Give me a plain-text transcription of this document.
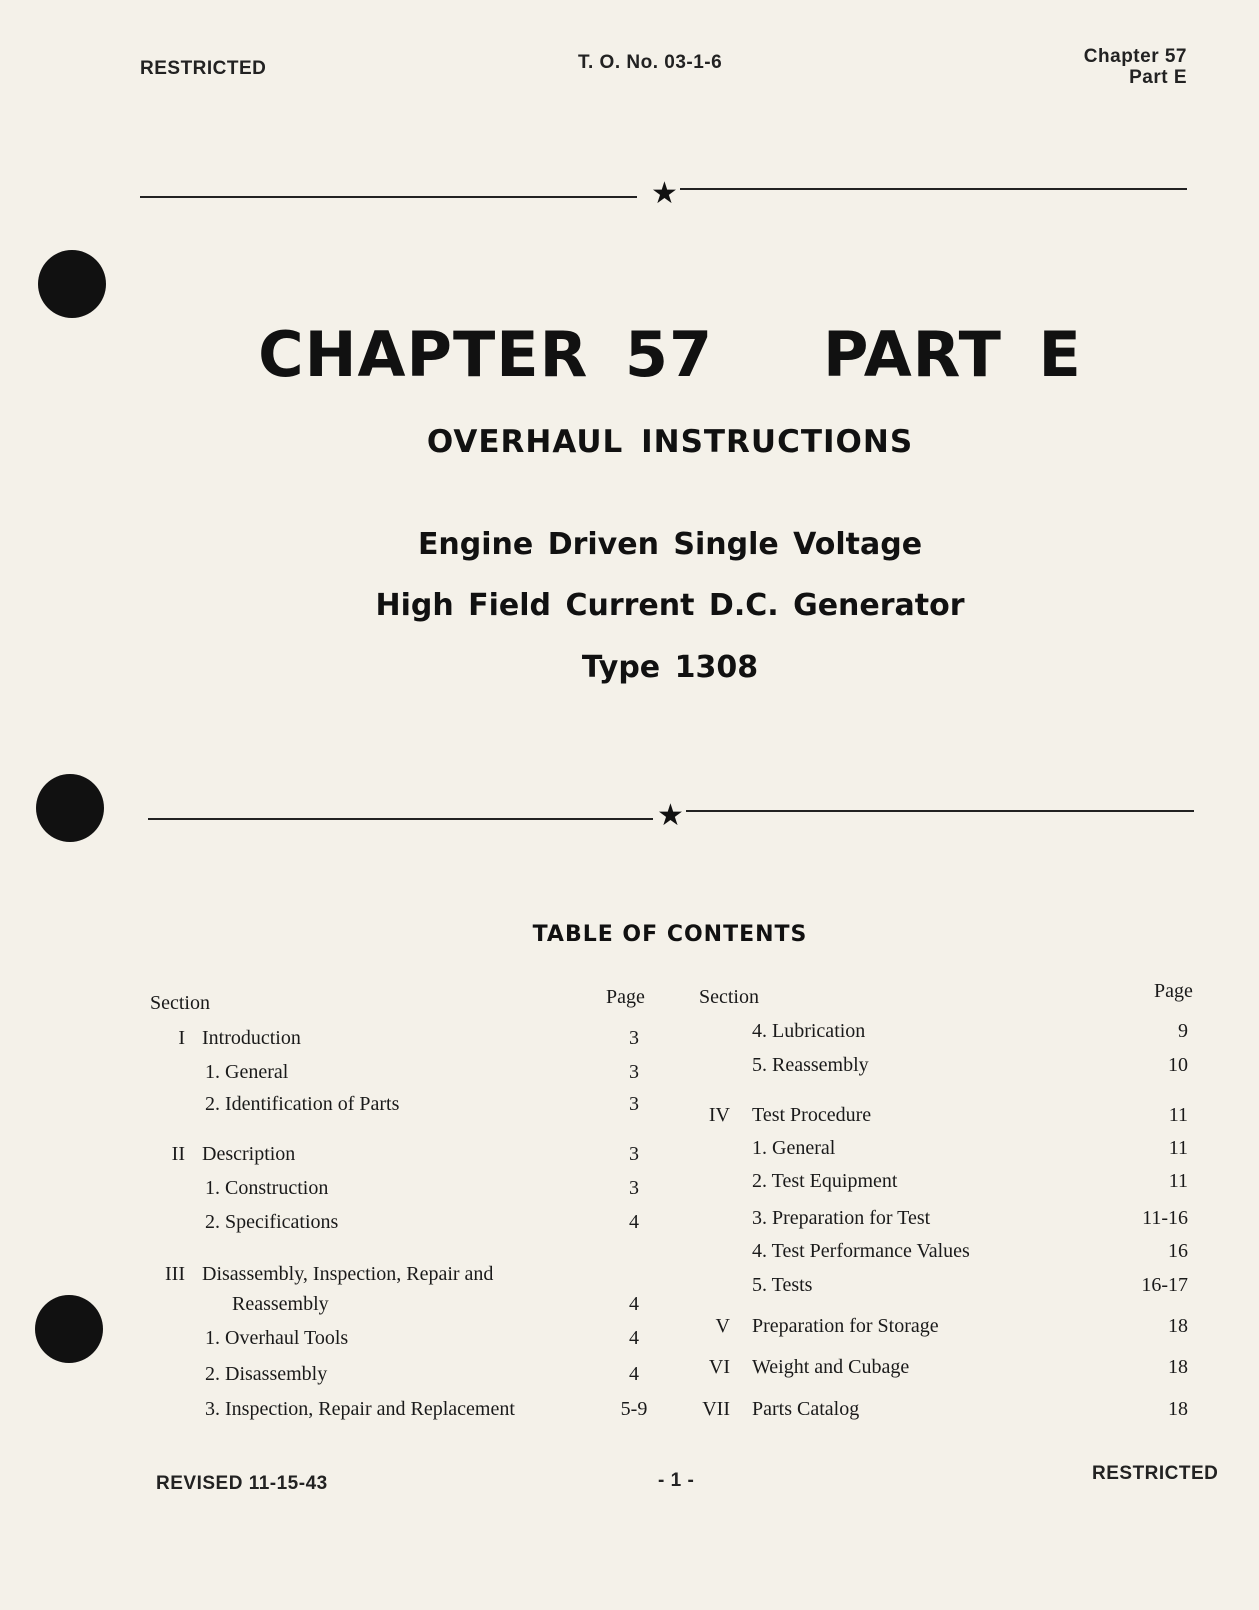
RESTRICTED	T. O. No. 03-1-6	Chapter 57
Part E
★
CHAPTER 57   PART E
OVERHAUL INSTRUCTIONS
Engine Driven Single Voltage
High Field Current D.C. Generator
Type 1308
★
TABLE OF CONTENTS
Section	Page	Section	Page
I Introduction	3
1. General	3
2. Identification of Parts	3
II Description	3
1. Construction	3
2. Specifications	4
III Disassembly, Inspection, Repair and
Reassembly	4
1. Overhaul Tools	4
2. Disassembly	4
3. Inspection, Repair and Replacement	5-9
4. Lubrication	9
5. Reassembly	10
IV Test Procedure	11
1. General	11
2. Test Equipment	11
3. Preparation for Test	11-16
4. Test Performance Values	16
5. Tests	16-17
V Preparation for Storage	18
VI Weight and Cubage	18
VII Parts Catalog	18
REVISED 11-15-43	- 1 -	RESTRICTED
